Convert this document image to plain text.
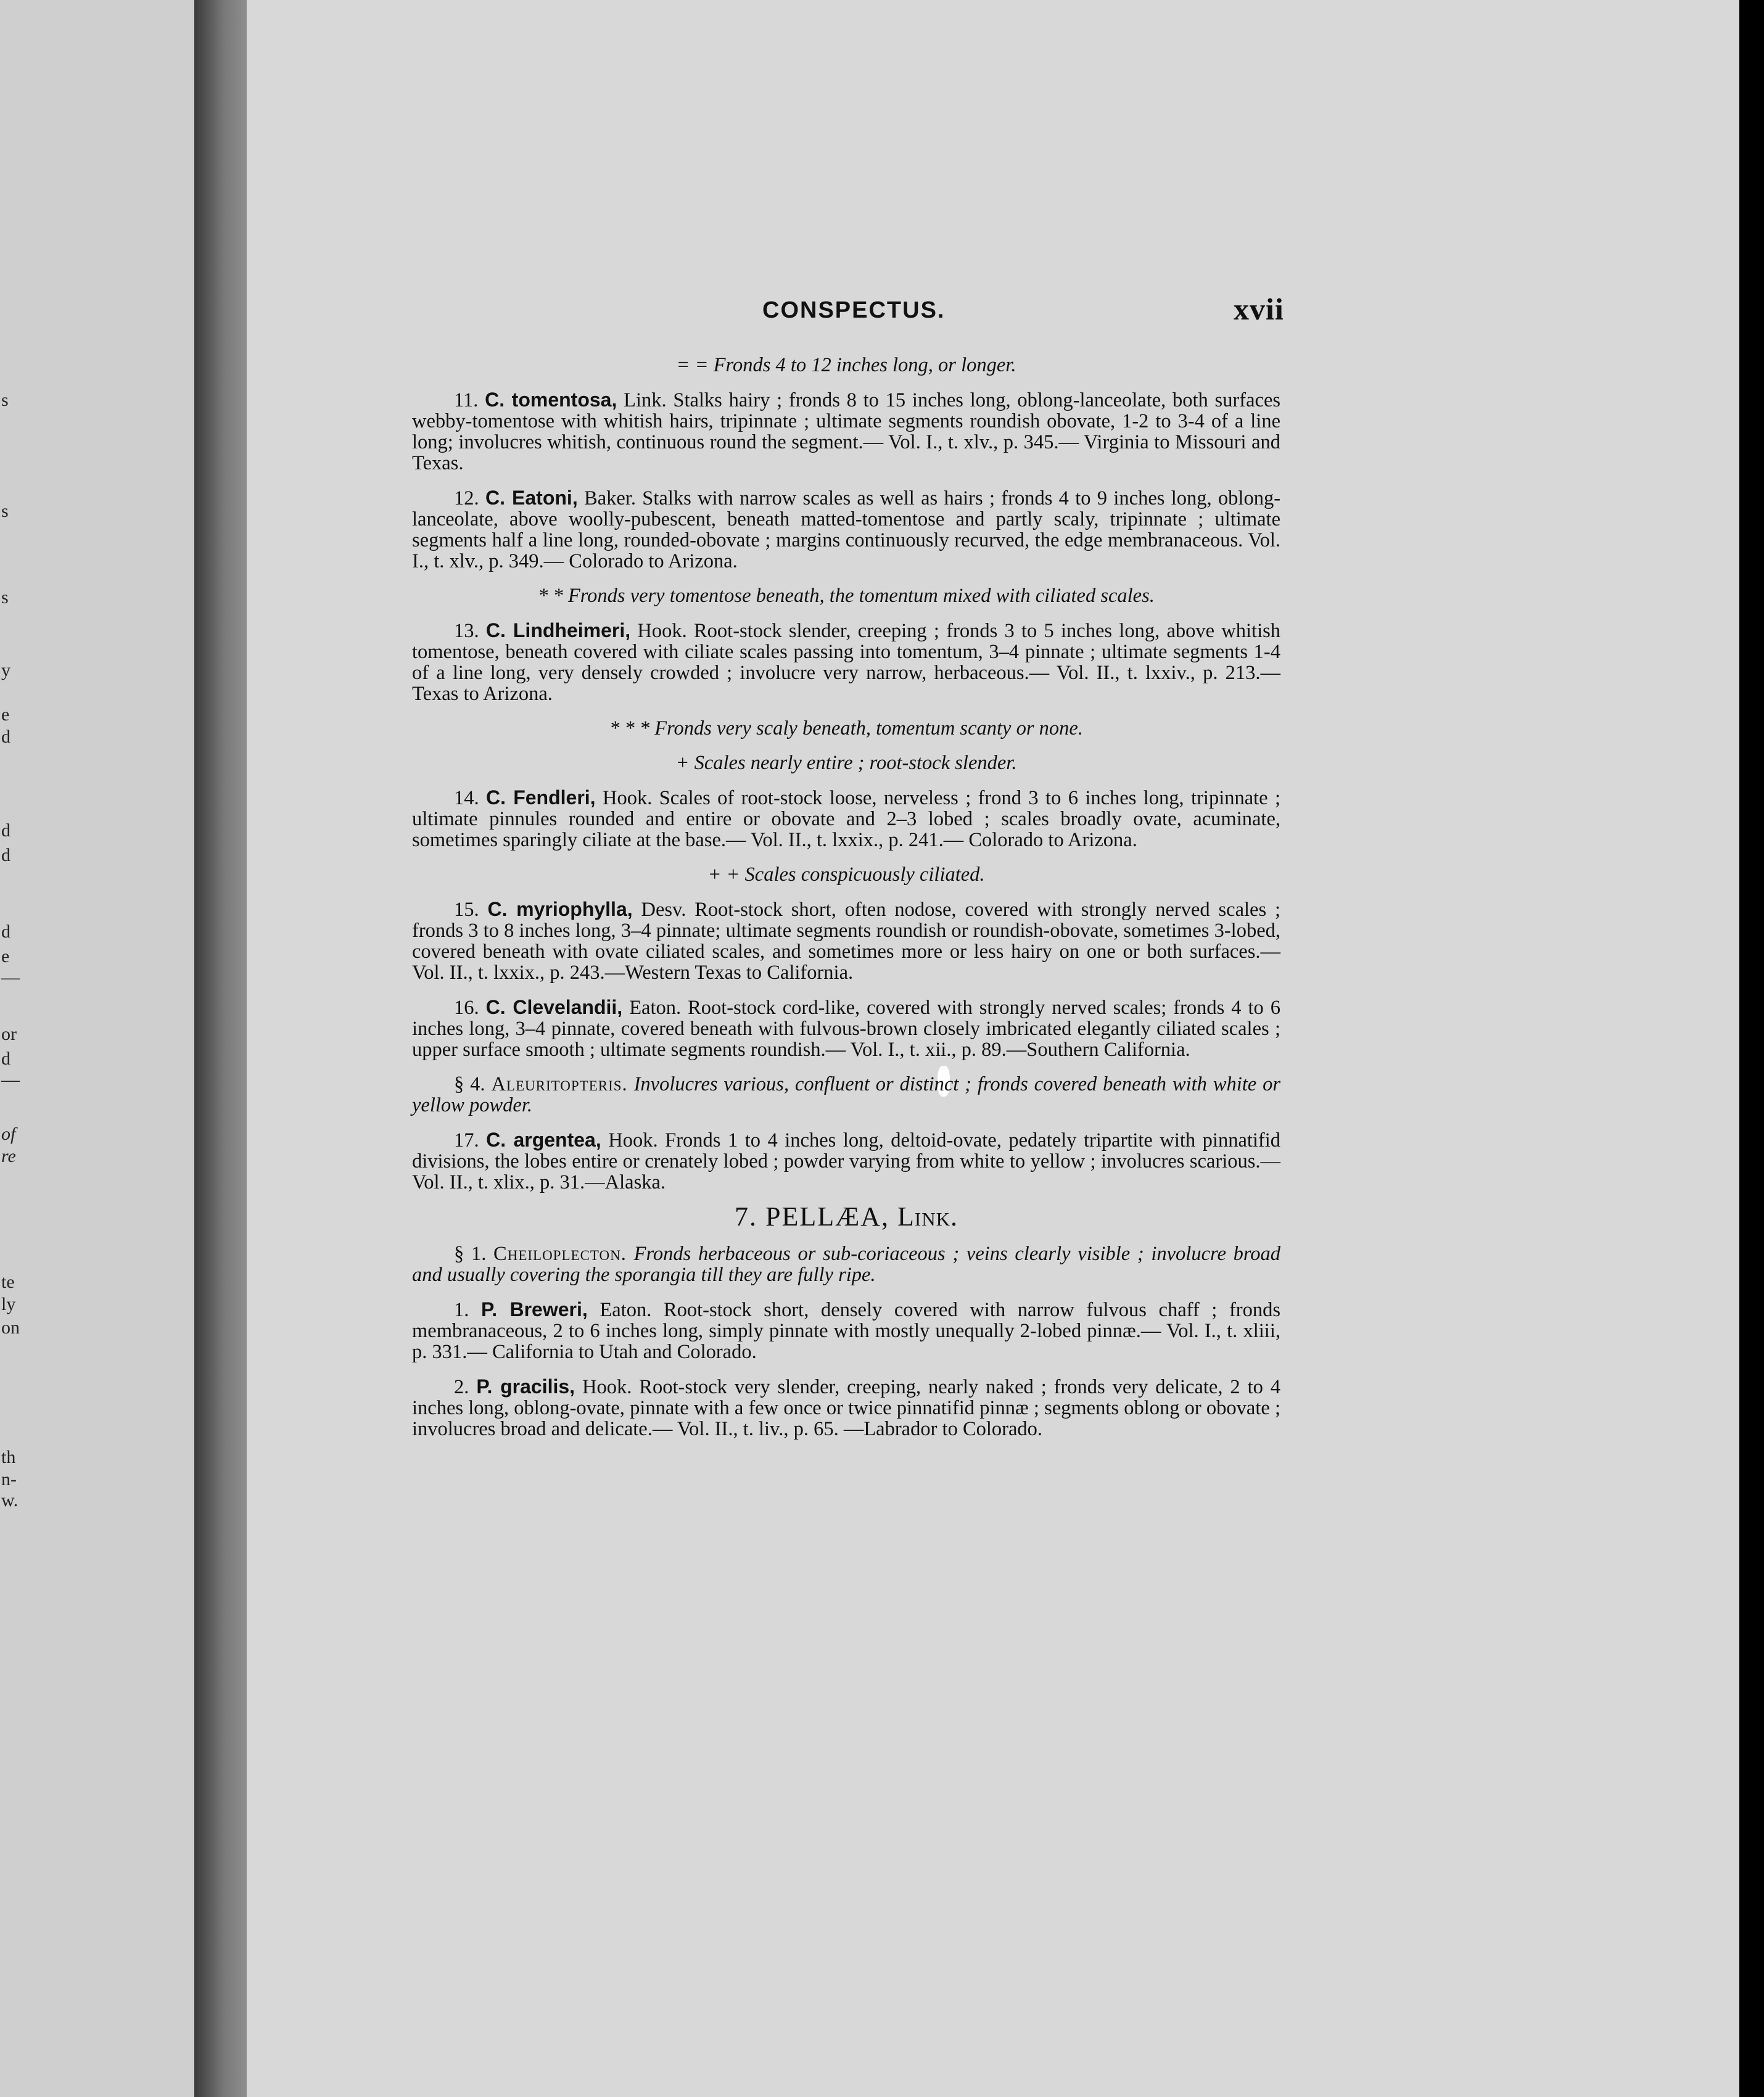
s
s
s
y
e
d
d
d
d
e
—
or
d
—
of
re
te
ly
on
th
n-
w.
CONSPECTUS.	xvii
= = Fronds 4 to 12 inches long, or longer.
11. C. tomentosa, Link. Stalks hairy ; fronds 8 to 15 inches long, oblong-lanceolate, both surfaces webby-tomentose with whitish hairs, tripinnate ; ultimate segments roundish obovate, 1-2 to 3-4 of a line long; involucres whitish, continuous round the segment.— Vol. I., t. xlv., p. 345.— Virginia to Missouri and Texas.
12. C. Eatoni, Baker. Stalks with narrow scales as well as hairs ; fronds 4 to 9 inches long, oblong-lanceolate, above woolly-pubescent, beneath matted-tomentose and partly scaly, tripinnate ; ultimate segments half a line long, rounded-obovate ; margins continuously recurved, the edge membranaceous. Vol. I., t. xlv., p. 349.— Colorado to Arizona.
* * Fronds very tomentose beneath, the tomentum mixed with ciliated scales.
13. C. Lindheimeri, Hook. Root-stock slender, creeping ; fronds 3 to 5 inches long, above whitish tomentose, beneath covered with ciliate scales passing into tomentum, 3–4 pinnate ; ultimate segments 1-4 of a line long, very densely crowded ; involucre very narrow, herbaceous.— Vol. II., t. lxxiv., p. 213.— Texas to Arizona.
* * * Fronds very scaly beneath, tomentum scanty or none.
+ Scales nearly entire ; root-stock slender.
14. C. Fendleri, Hook. Scales of root-stock loose, nerveless ; frond 3 to 6 inches long, tripinnate ; ultimate pinnules rounded and entire or obovate and 2–3 lobed ; scales broadly ovate, acuminate, sometimes sparingly ciliate at the base.— Vol. II., t. lxxix., p. 241.— Colorado to Arizona.
+ + Scales conspicuously ciliated.
15. C. myriophylla, Desv. Root-stock short, often nodose, covered with strongly nerved scales ; fronds 3 to 8 inches long, 3–4 pinnate; ultimate segments roundish or roundish-obovate, sometimes 3-lobed, covered beneath with ovate ciliated scales, and sometimes more or less hairy on one or both surfaces.— Vol. II., t. lxxix., p. 243.—Western Texas to California.
16. C. Clevelandii, Eaton. Root-stock cord-like, covered with strongly nerved scales; fronds 4 to 6 inches long, 3–4 pinnate, covered beneath with fulvous-brown closely imbricated elegantly ciliated scales ; upper surface smooth ; ultimate segments roundish.— Vol. I., t. xii., p. 89.—Southern California.
§ 4. Aleuritopteris. Involucres various, confluent or distinct ; fronds covered beneath with white or yellow powder.
17. C. argentea, Hook. Fronds 1 to 4 inches long, deltoid-ovate, pedately tripartite with pinnatifid divisions, the lobes entire or crenately lobed ; powder varying from white to yellow ; involucres scarious.— Vol. II., t. xlix., p. 31.—Alaska.
7. PELLÆA, Link.
§ 1. Cheiloplecton. Fronds herbaceous or sub-coriaceous ; veins clearly visible ; involucre broad and usually covering the sporangia till they are fully ripe.
1. P. Breweri, Eaton. Root-stock short, densely covered with narrow fulvous chaff ; fronds membranaceous, 2 to 6 inches long, simply pinnate with mostly unequally 2-lobed pinnæ.— Vol. I., t. xliii, p. 331.— California to Utah and Colorado.
2. P. gracilis, Hook. Root-stock very slender, creeping, nearly naked ; fronds very delicate, 2 to 4 inches long, oblong-ovate, pinnate with a few once or twice pinnatifid pinnæ ; segments oblong or obovate ; involucres broad and delicate.— Vol. II., t. liv., p. 65. —Labrador to Colorado.
